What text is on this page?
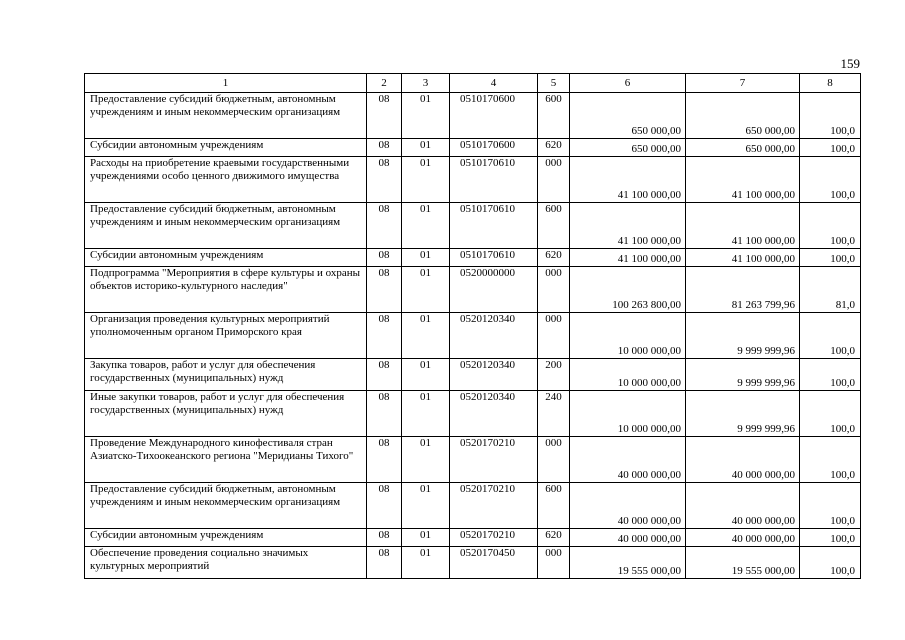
159
1	2	3	4	5	6	7	8
Предоставление субсидий бюджетным, автономным учреждениям и иным некоммерческим организациям	08	01	0510170600	600	650 000,00	650 000,00	100,0
Субсидии автономным учреждениям	08	01	0510170600	620	650 000,00	650 000,00	100,0
Расходы на приобретение краевыми государственными учреждениями особо ценного движимого имущества	08	01	0510170610	000	41 100 000,00	41 100 000,00	100,0
Предоставление субсидий бюджетным, автономным учреждениям и иным некоммерческим организациям	08	01	0510170610	600	41 100 000,00	41 100 000,00	100,0
Субсидии автономным учреждениям	08	01	0510170610	620	41 100 000,00	41 100 000,00	100,0
Подпрограмма "Мероприятия в сфере культуры и охраны объектов историко-культурного наследия"	08	01	0520000000	000	100 263 800,00	81 263 799,96	81,0
Организация проведения культурных мероприятий уполномоченным органом Приморского края	08	01	0520120340	000	10 000 000,00	9 999 999,96	100,0
Закупка товаров, работ и услуг для обеспечения государственных (муниципальных) нужд	08	01	0520120340	200	10 000 000,00	9 999 999,96	100,0
Иные закупки товаров, работ и услуг для обеспечения государственных (муниципальных) нужд	08	01	0520120340	240	10 000 000,00	9 999 999,96	100,0
Проведение Международного кинофестиваля стран Азиатско-Тихоокеанского региона "Меридианы Тихого"	08	01	0520170210	000	40 000 000,00	40 000 000,00	100,0
Предоставление субсидий бюджетным, автономным учреждениям и иным некоммерческим организациям	08	01	0520170210	600	40 000 000,00	40 000 000,00	100,0
Субсидии автономным учреждениям	08	01	0520170210	620	40 000 000,00	40 000 000,00	100,0
Обеспечение проведения социально значимых культурных мероприятий	08	01	0520170450	000	19 555 000,00	19 555 000,00	100,0
